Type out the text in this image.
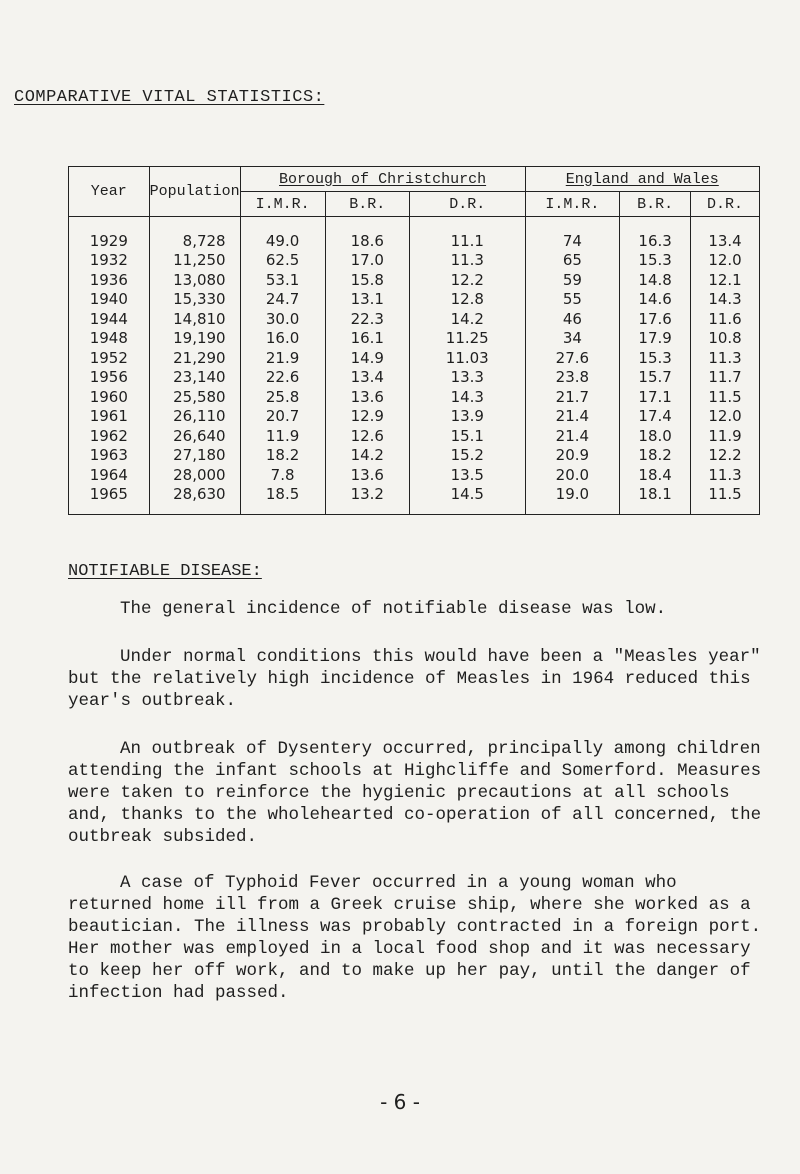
COMPARATIVE VITAL STATISTICS:
Year	Population	Borough of Christchurch			England and Wales		
		I.M.R.	B.R.	D.R.	I.M.R.	B.R.	D.R.
1929	8,728	49.0	18.6	11.1	74	16.3	13.4
1932	11,250	62.5	17.0	11.3	65	15.3	12.0
1936	13,080	53.1	15.8	12.2	59	14.8	12.1
1940	15,330	24.7	13.1	12.8	55	14.6	14.3
1944	14,810	30.0	22.3	14.2	46	17.6	11.6
1948	19,190	16.0	16.1	11.25	34	17.9	10.8
1952	21,290	21.9	14.9	11.03	27.6	15.3	11.3
1956	23,140	22.6	13.4	13.3	23.8	15.7	11.7
1960	25,580	25.8	13.6	14.3	21.7	17.1	11.5
1961	26,110	20.7	12.9	13.9	21.4	17.4	12.0
1962	26,640	11.9	12.6	15.1	21.4	18.0	11.9
1963	27,180	18.2	14.2	15.2	20.9	18.2	12.2
1964	28,000	7.8	13.6	13.5	20.0	18.4	11.3
1965	28,630	18.5	13.2	14.5	19.0	18.1	11.5
NOTIFIABLE DISEASE:

The general incidence of notifiable disease was low.

Under normal conditions this would have been a "Measles year" but the relatively high incidence of Measles in 1964 reduced this year's outbreak.

An outbreak of Dysentery occurred, principally among children attending the infant schools at Highcliffe and Somerford. Measures were taken to reinforce the hygienic precautions at all schools and, thanks to the wholehearted co-operation of all concerned, the outbreak subsided.

A case of Typhoid Fever occurred in a young woman who returned home ill from a Greek cruise ship, where she worked as a beautician. The illness was probably contracted in a foreign port. Her mother was employed in a local food shop and it was necessary to keep her off work, and to make up her pay, until the danger of infection had passed.

- 6 -
